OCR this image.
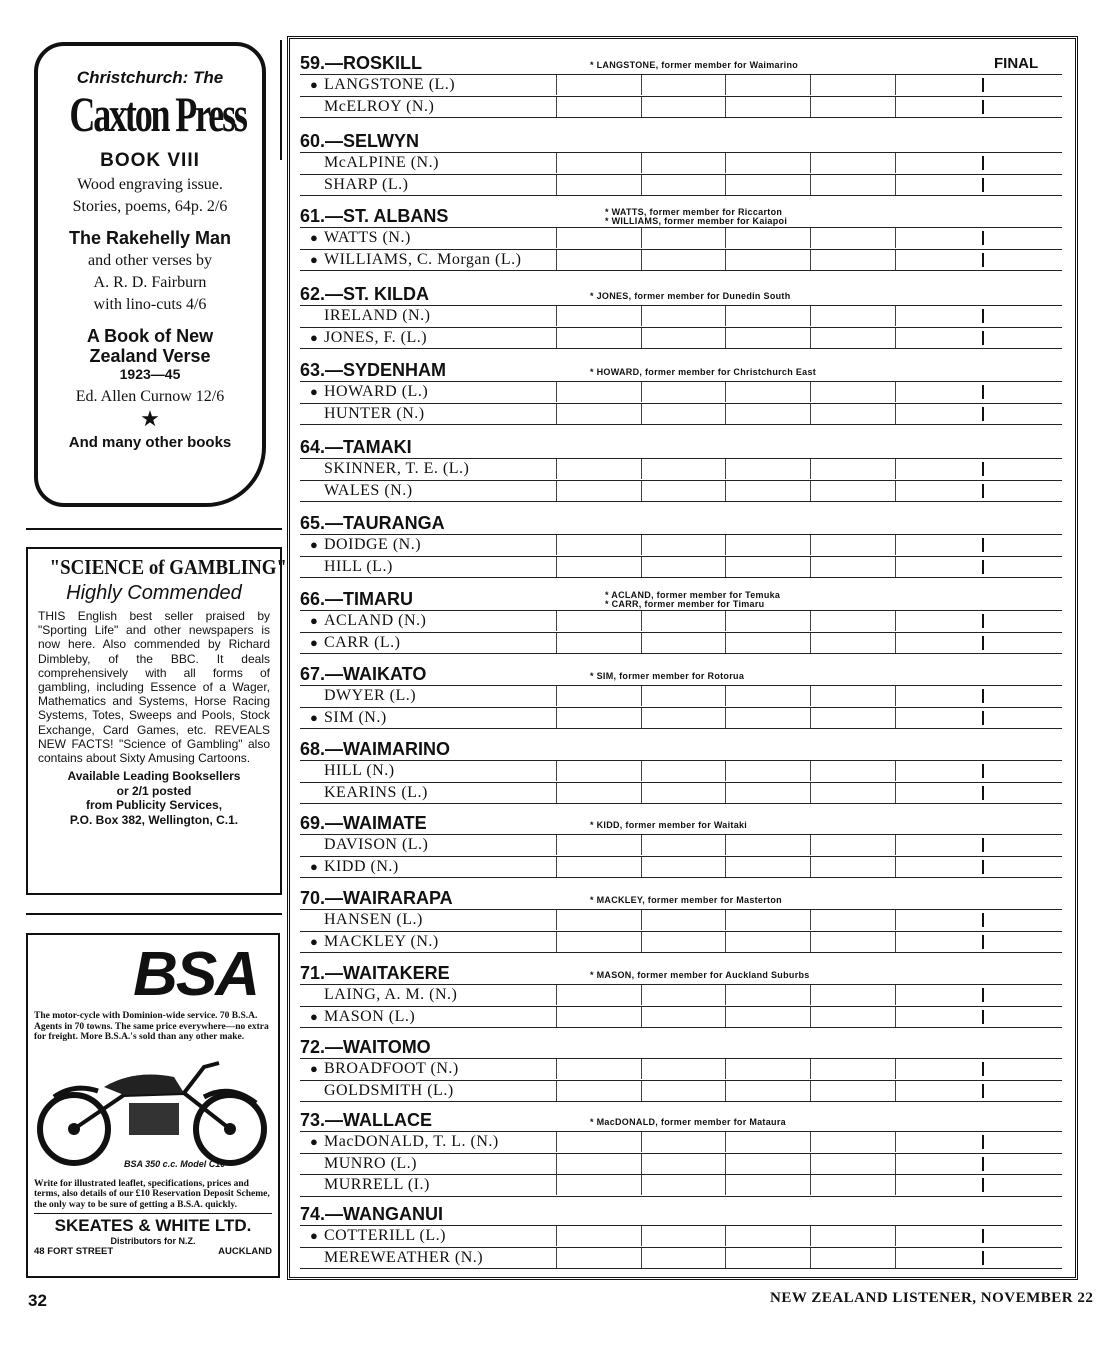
Christchurch: The
Caxton Press
BOOK VIII
Wood engraving issue.
Stories, poems, 64p. 2/6
The Rakehelly Man
and other verses by
A. R. D. Fairburn
with lino-cuts 4/6
A Book of New
Zealand Verse
1923—45
Ed. Allen Curnow 12/6
★
And many other books
"SCIENCE of GAMBLING"
Highly Commended
THIS English best seller praised by "Sporting Life" and other newspapers is now here. Also commended by Richard Dimbleby, of the BBC. It deals comprehensively with all forms of gambling, including Essence of a Wager, Mathematics and Systems, Horse Racing Systems, Totes, Sweeps and Pools, Stock Exchange, Card Games, etc. REVEALS NEW FACTS! "Science of Gambling" also contains about Sixty Amusing Cartoons.
Available Leading Booksellers
or 2/1 posted
from Publicity Services,
P.O. Box 382, Wellington, C.1.
BSA
The motor-cycle with Dominion-wide service. 70 B.S.A. Agents in 70 towns. The same price everywhere—no extra for freight. More B.S.A.'s sold than any other make.
BSA 350 c.c. Model C10
Write for illustrated leaflet, specifications, prices and terms, also details of our £10 Reservation Deposit Scheme, the only way to be sure of getting a B.S.A. quickly.
SKEATES & WHITE LTD.
Distributors for N.Z.
48 FORT STREET	AUCKLAND
FINAL
59.—ROSKILL	* LANGSTONE, former member for Waimarino
● LANGSTONE (L.)
McELROY (N.)
60.—SELWYN
McALPINE (N.)
SHARP (L.)
61.—ST. ALBANS	* WATTS, former member for Riccarton
* WILLIAMS, former member for Kaiapoi
● WATTS (N.)
● WILLIAMS, C. Morgan (L.)
62.—ST. KILDA	* JONES, former member for Dunedin South
IRELAND (N.)
● JONES, F. (L.)
63.—SYDENHAM	* HOWARD, former member for Christchurch East
● HOWARD (L.)
HUNTER (N.)
64.—TAMAKI
SKINNER, T. E. (L.)
WALES (N.)
65.—TAURANGA
● DOIDGE (N.)
HILL (L.)
66.—TIMARU	* ACLAND, former member for Temuka
* CARR, former member for Timaru
● ACLAND (N.)
● CARR (L.)
67.—WAIKATO	* SIM, former member for Rotorua
DWYER (L.)
● SIM (N.)
68.—WAIMARINO
HILL (N.)
KEARINS (L.)
69.—WAIMATE	* KIDD, former member for Waitaki
DAVISON (L.)
● KIDD (N.)
70.—WAIRARAPA	* MACKLEY, former member for Masterton
HANSEN (L.)
● MACKLEY (N.)
71.—WAITAKERE	* MASON, former member for Auckland Suburbs
LAING, A. M. (N.)
● MASON (L.)
72.—WAITOMO
● BROADFOOT (N.)
GOLDSMITH (L.)
73.—WALLACE	* MacDONALD, former member for Mataura
● MacDONALD, T. L. (N.)
MUNRO (L.)
MURRELL (I.)
74.—WANGANUI
● COTTERILL (L.)
MEREWEATHER (N.)
32	NEW ZEALAND LISTENER, NOVEMBER 22
